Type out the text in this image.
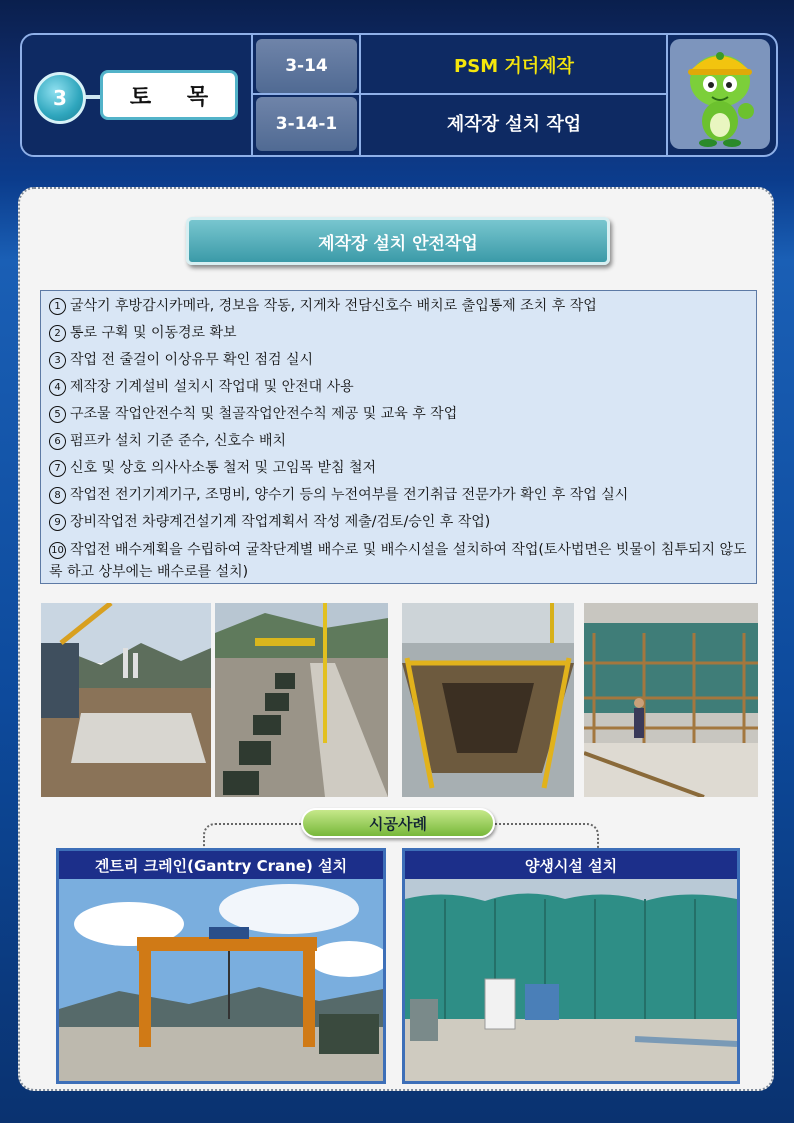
3	토 목
3-14
3-14-1
PSM 거더제작
제작장 설치 작업
제작장 설치 안전작업
1 굴삭기 후방감시카메라, 경보음 작동, 지게차 전담신호수 배치로 출입통제 조치 후 작업
2 통로 구획 및 이동경로 확보
3 작업 전 줄걸이 이상유무 확인 점검 실시
4 제작장 기계설비 설치시 작업대 및 안전대 사용
5 구조물 작업안전수칙 및 철골작업안전수칙 제공 및 교육 후 작업
6 펌프카 설치 기준 준수, 신호수 배치
7 신호 및 상호 의사사소통 철저 및 고임목 받침 철저
8 작업전 전기기계기구, 조명비, 양수기 등의 누전여부를 전기취급 전문가가 확인 후 작업 실시
9 장비작업전 차량계건설기계 작업계획서 작성 제출/검토/승인 후 작업)
10 작업전 배수계획을 수립하여 굴착단계별 배수로 및 배수시설을 설치하여 작업(토사법면은 빗물이 침투되지 않도록 하고 상부에는 배수로를 설치)
시공사례
겐트리 크레인(Gantry Crane) 설치	양생시설 설치
